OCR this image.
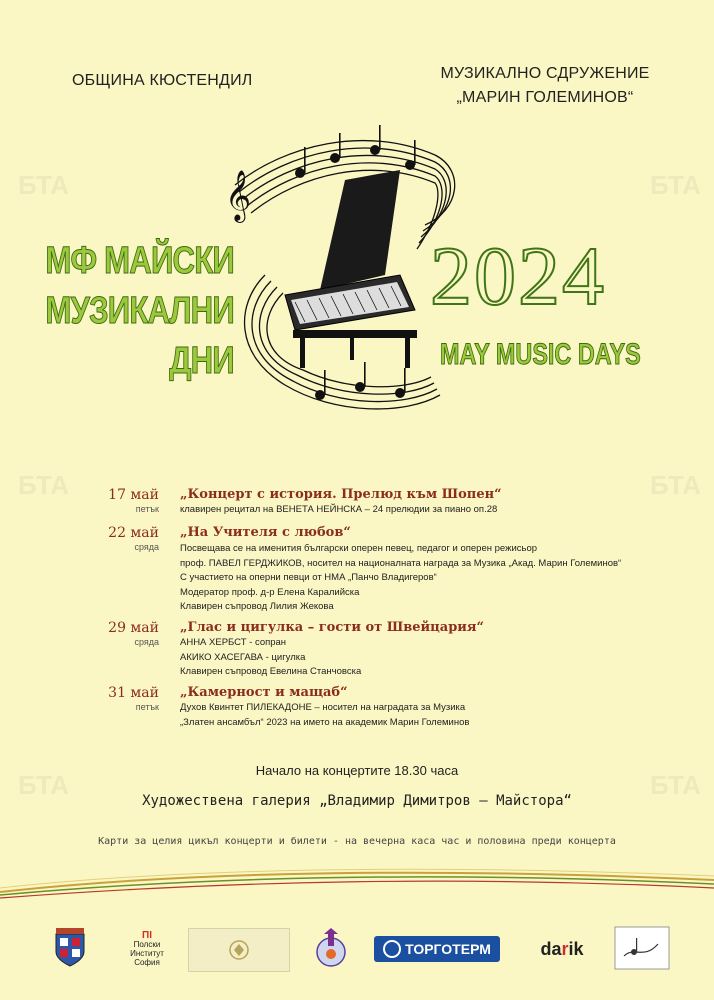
БТА	БТА
БТА	БТА
БТА	БТА
ОБЩИНА КЮСТЕНДИЛ	МУЗИКАЛНО СДРУЖЕНИЕ
„МАРИН ГОЛЕМИНОВ“
𝄞
МФ МАЙСКИ
МУЗИКАЛНИ
ДНИ
2024
MAY MUSIC DAYS
17 май
петък
„Концерт с история. Прелюд към Шопен“
клавирен рецитал на ВЕНЕТА НЕЙНСКА – 24 прелюдии за пиано оп.28
22 май
сряда
„На Учителя с любов“
Посвещава се на именития български оперен певец, педагог и оперен режисьор
проф. ПАВЕЛ ГЕРДЖИКОВ, носител на националната награда за Музика „Акад. Марин Големинов“
С участието на оперни певци от НМА „Панчо Владигеров“
Модератор проф. д-р Елена Каралийска
Клавирен съпровод Лилия Жекова
29 май
сряда
„Глас и цигулка – гости от Швейцария“
АННА ХЕРБСТ - сопран
АКИКО ХАСЕГАВА - цигулка
Клавирен съпровод Евелина Станчовска
31 май
петък
„Камерност и мащаб“
Духов Квинтет ПИЛЕКАДОНЕ – носител на наградата за Музика
„Златен ансамбъл“ 2023 на името на академик Марин Големинов
Начало на концертите 18.30 часа
Художествена галерия „Владимир Димитров – Майстора“
Карти за целия цикъл концерти и билети - на вечерна каса час и половина преди концерта
ПІ
Полски
Институт
София
ТОРГОТЕРМ	da r ik
